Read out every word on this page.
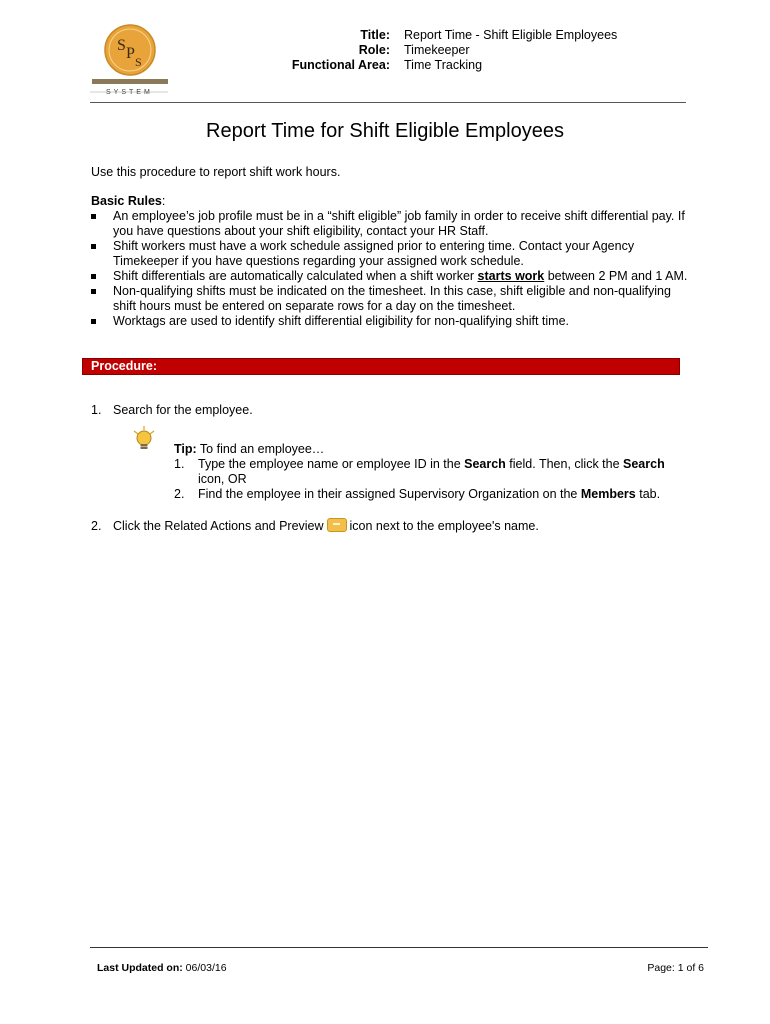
S P S
SYSTEM
Title:	Report Time - Shift Eligible Employees
Role:	Timekeeper
Functional Area:	Time Tracking
Report Time for Shift Eligible Employees
Use this procedure to report shift work hours.
Basic Rules:
An employee’s job profile must be in a “shift eligible” job family in order to receive shift differential pay. If you have questions about your shift eligibility, contact your HR Staff.
Shift workers must have a work schedule assigned prior to entering time. Contact your Agency Timekeeper if you have questions regarding your assigned work schedule.
Shift differentials are automatically calculated when a shift worker starts work between 2 PM and 1 AM.
Non-qualifying shifts must be indicated on the timesheet. In this case, shift eligible and non-qualifying shift hours must be entered on separate rows for a day on the timesheet.
Worktags are used to identify shift differential eligibility for non-qualifying shift time.
Procedure:
1. Search for the employee.
Tip: To find an employee…
1. Type the employee name or employee ID in the Search field. Then, click the Search icon, OR
2. Find the employee in their assigned Supervisory Organization on the Members tab.
2. Click the Related Actions and Preview icon next to the employee's name.
Last Updated on: 06/03/16	Page: 1 of 6
